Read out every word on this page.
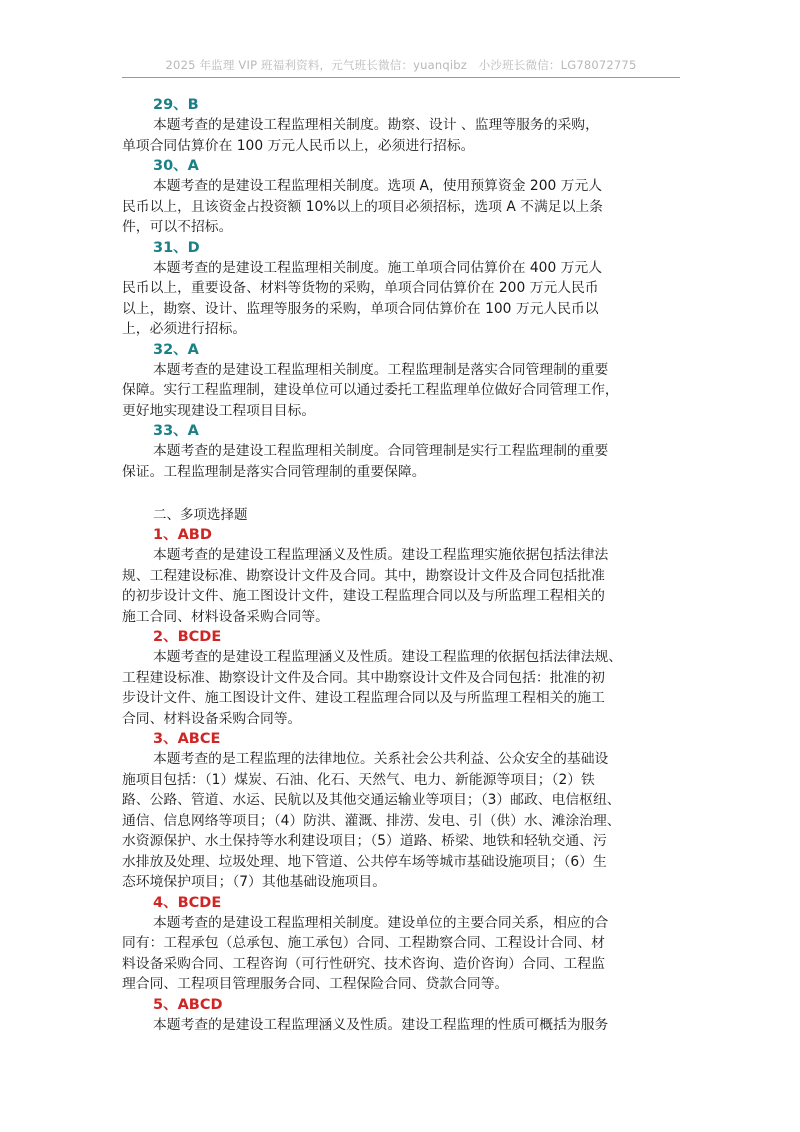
2025 年监理 VIP 班福利资料，元气班长微信：yuanqibz　小沙班长微信：LG78072775
29、B
本题考查的是建设工程监理相关制度。勘察、设计 、监理等服务的采购，
单项合同估算价在 100 万元人民币以上，必须进行招标。
30、A
本题考查的是建设工程监理相关制度。选项 A，使用预算资金 200 万元人
民币以上，且该资金占投资额 10%以上的项目必须招标，选项 A 不满足以上条
件，可以不招标。
31、D
本题考查的是建设工程监理相关制度。施工单项合同估算价在 400 万元人
民币以上，重要设备、材料等货物的采购，单项合同估算价在 200 万元人民币
以上，勘察、设计、监理等服务的采购，单项合同估算价在 100 万元人民币以
上，必须进行招标。
32、A
本题考查的是建设工程监理相关制度。工程监理制是落实合同管理制的重要
保障。实行工程监理制，建设单位可以通过委托工程监理单位做好合同管理工作，
更好地实现建设工程项目目标。
33、A
本题考查的是建设工程监理相关制度。合同管理制是实行工程监理制的重要
保证。工程监理制是落实合同管理制的重要保障。
二、多项选择题
1、ABD
本题考查的是建设工程监理涵义及性质。建设工程监理实施依据包括法律法
规、工程建设标准、勘察设计文件及合同。其中，勘察设计文件及合同包括批准
的初步设计文件、施工图设计文件，建设工程监理合同以及与所监理工程相关的
施工合同、材料设备采购合同等。
2、BCDE
本题考查的是建设工程监理涵义及性质。建设工程监理的依据包括法律法规、
工程建设标准、勘察设计文件及合同。其中勘察设计文件及合同包括：批准的初
步设计文件、施工图设计文件、建设工程监理合同以及与所监理工程相关的施工
合同、材料设备采购合同等。
3、ABCE
本题考查的是工程监理的法律地位。关系社会公共利益、公众安全的基础设
施项目包括：（1）煤炭、石油、化石、天然气、电力、新能源等项目；（2）铁
路、公路、管道、水运、民航以及其他交通运输业等项目；（3）邮政、电信枢纽、
通信、信息网络等项目；（4）防洪、灌溉、排涝、发电、引（供）水、滩涂治理、
水资源保护、水土保持等水利建设项目；（5）道路、桥梁、地铁和轻轨交通、污
水排放及处理、垃圾处理、地下管道、公共停车场等城市基础设施项目；（6）生
态环境保护项目；（7）其他基础设施项目。
4、BCDE
本题考查的是建设工程监理相关制度。建设单位的主要合同关系，相应的合
同有：工程承包（总承包、施工承包）合同、工程勘察合同、工程设计合同、材
料设备采购合同、工程咨询（可行性研究、技术咨询、造价咨询）合同、工程监
理合同、工程项目管理服务合同、工程保险合同、贷款合同等。
5、ABCD
本题考查的是建设工程监理涵义及性质。建设工程监理的性质可概括为服务
